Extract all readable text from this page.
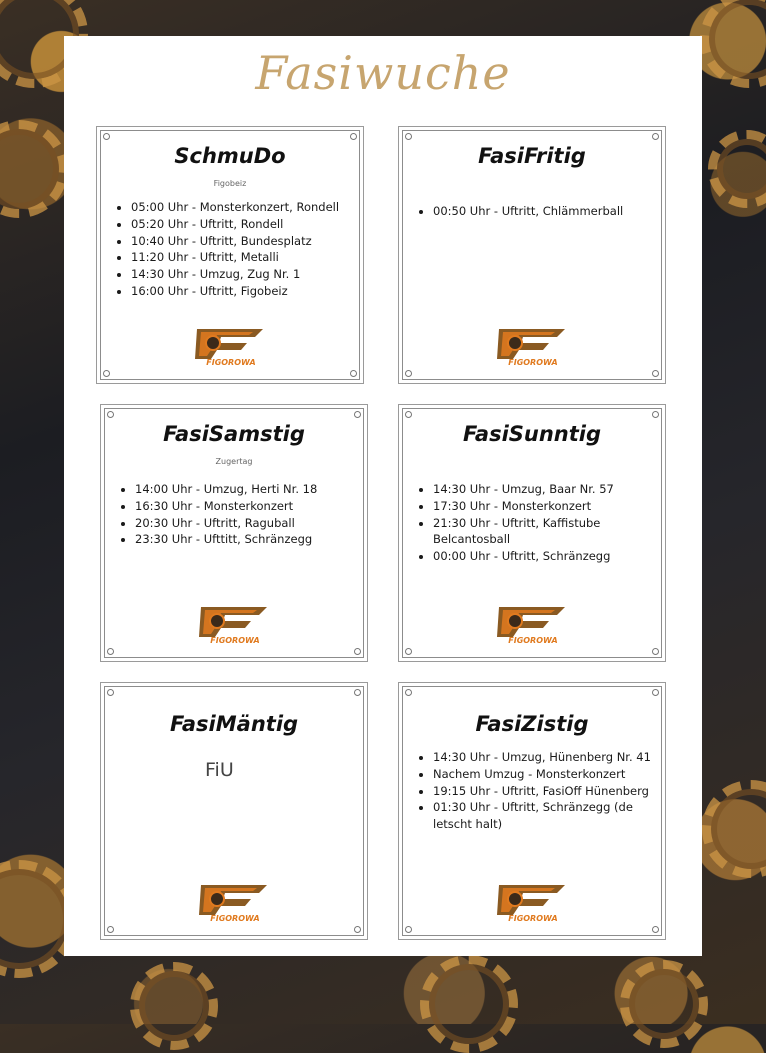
Fasiwuche
SchmuDo
Figobeiz
• 05:00 Uhr - Monsterkonzert, Rondell
• 05:20 Uhr - Uftritt, Rondell
• 10:40 Uhr - Uftritt, Bundesplatz
• 11:20 Uhr - Uftritt, Metalli
• 14:30 Uhr - Umzug, Zug Nr. 1
• 16:00 Uhr - Uftritt, Figobeiz
FIGOROWA
FasiFritig
• 00:50 Uhr - Uftritt, Chlämmerball
FIGOROWA
FasiSamstig
Zugertag
• 14:00 Uhr - Umzug, Herti Nr. 18
• 16:30 Uhr - Monsterkonzert
• 20:30 Uhr - Uftritt, Raguball
• 23:30 Uhr - Ufttitt, Schränzegg
FIGOROWA
FasiSunntig
• 14:30 Uhr - Umzug, Baar Nr. 57
• 17:30 Uhr - Monsterkonzert
• 21:30 Uhr - Uftritt, Kaffistube Belcantosball
• 00:00 Uhr - Uftritt, Schränzegg
FIGOROWA
FasiMäntig
FiU
FIGOROWA
FasiZistig
• 14:30 Uhr - Umzug, Hünenberg Nr. 41
• Nachem Umzug - Monsterkonzert
• 19:15 Uhr - Uftritt, FasiOff Hünenberg
• 01:30 Uhr - Uftritt, Schränzegg (de letscht halt)
FIGOROWA
